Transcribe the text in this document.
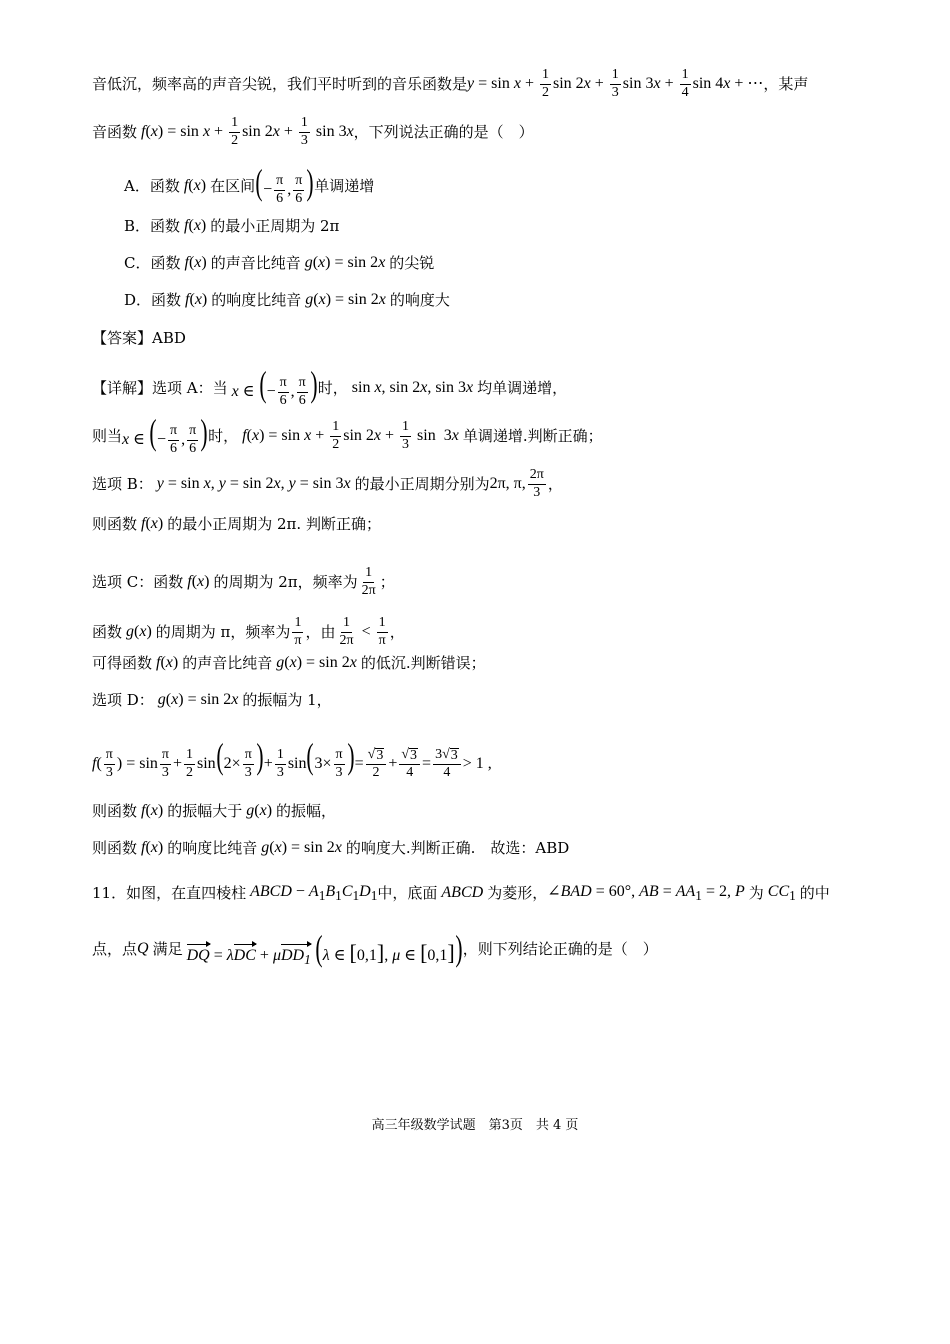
音低沉，频率高的声音尖锐，我们平时听到的音乐函数是 $y = \sin x + \frac{1}{2}$ $\sin 2x + \frac{1}{3}$ $\sin 3x + \frac{1}{4}$ sin 4x + ⋯ ，某声
音函数 $f(x) = \sin x + \frac{1}{2}$ $\sin 2x + \frac{1}{3}$ sin 3x ，下列说法正确的是（　）
A．函数 f(x) 在区间 (− $\frac{\pi}{6}$ , $\frac{\pi}{6}$ ) 单调递增
B．函数 f(x) 的最小正周期为 2π
C．函数 f(x) 的声音比纯音 g(x) = sin 2x 的尖锐
D．函数 f(x) 的响度比纯音 g(x) = sin 2x 的响度大
【答案】ABD
【详解】选项 A：当 x ∈ (− $\frac{\pi}{6}$ , $\frac{\pi}{6}$ ) 时， sin x, sin 2x, sin 3x 均单调递增，
则当 x ∈ (− $\frac{\pi}{6}$ , $\frac{\pi}{6}$ ) 时， $f(x) = \sin x + \frac{1}{2}$ $\sin 2x + \frac{1}{3}$ sin  3x 单调递增.判断正确；
选项 B： y = sin x, y = sin 2x, y = sin 3x 的最小正周期分别为 2π, π, $\frac{2\pi}{3}$ ，
则函数 f(x) 的最小正周期为 2π. 判断正确；
选项 C：函数 f(x) 的周期为 2π，频率为 $\frac{1}{2\pi}$ ；
函数 g(x) 的周期为 π，频率为 $\frac{1}{\pi}$ ，由 $\frac{1}{2\pi} < \frac{1}{\pi}$ ，
可得函数 f(x) 的声音比纯音 g(x) = sin 2x 的低沉.判断错误；
选项 D： g(x) = sin 2x 的振幅为 1，
$f( \frac{\pi}{3}$ ) = $\sin \frac{\pi}{3} + \frac{1}{2} \sin(2\times \frac{\pi}{3}$ )+ $\frac{1}{3} \sin(3\times \frac{\pi}{3}$ )= $\frac{√ 3}{2} + \frac{√ 3}{4} = \frac{3√ 3}{4} > 1$ ,
则函数 f(x) 的振幅大于 g(x) 的振幅，
则函数 f(x) 的响度比纯音 g(x) = sin 2x 的响度大.判断正确.　故选：ABD
11．如图，在直四棱柱 ABCD − $A_1B_1C_1D_1$ 中，底面 ABCD 为菱形， ∠BAD = 60°, AB = $AA_1 = 2$, P 为 $CC_1$ 的中
点，点 Q 满足 DQ = λDC + μDD$_1$ (λ ∈ [0,1], μ ∈ [0,1]) ，则下列结论正确的是（　）
高三年级数学试题　第3页　共 4 页
